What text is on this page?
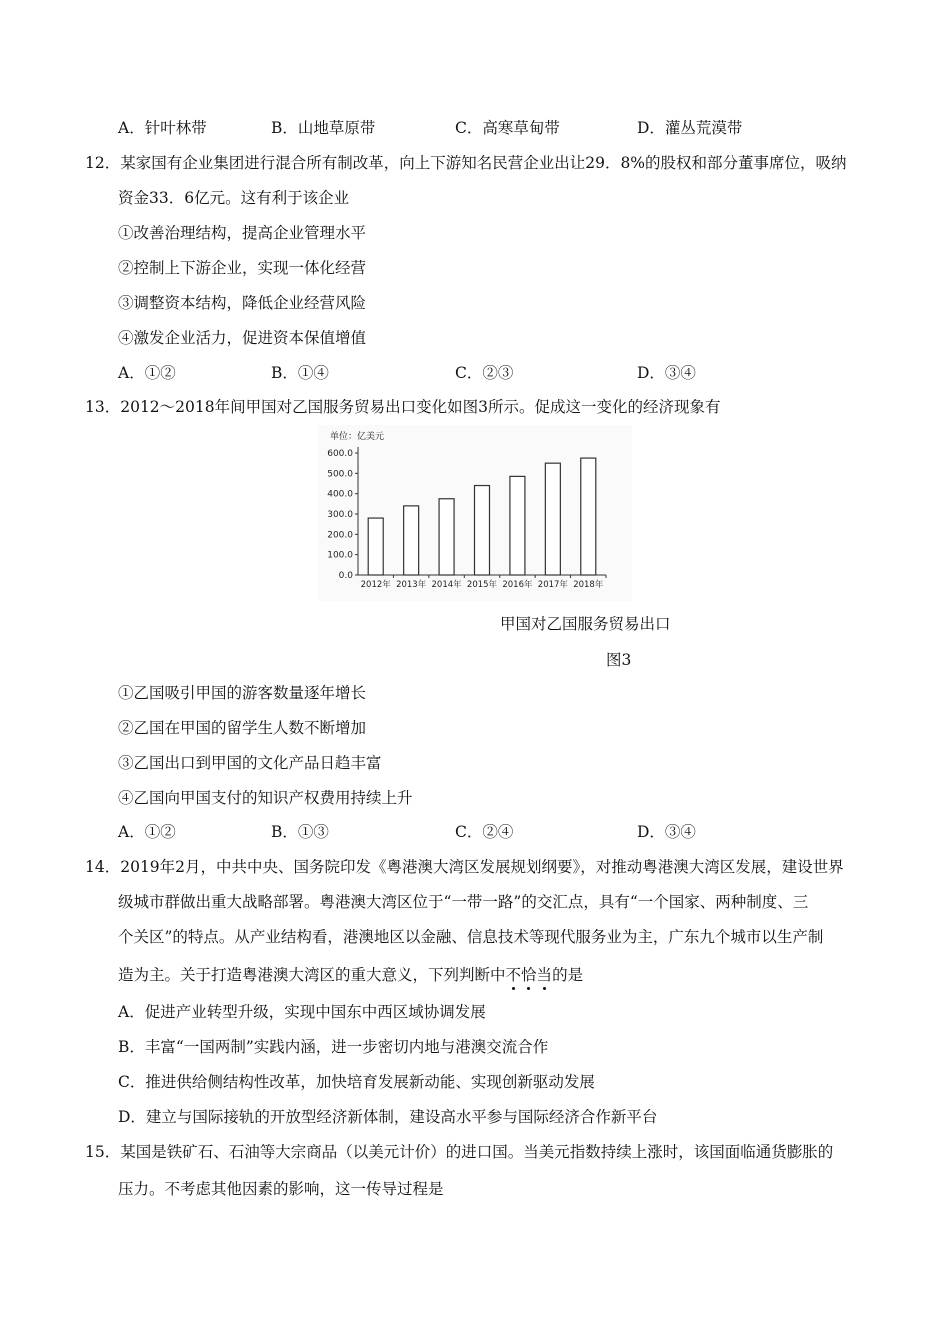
A．针叶林带	B．山地草原带	C．高寒草甸带	D．灌丛荒漠带
12．某家国有企业集团进行混合所有制改革，向上下游知名民营企业出让29．8%的股权和部分董事席位，吸纳
资金33．6亿元。这有利于该企业
①改善治理结构，提高企业管理水平
②控制上下游企业，实现一体化经营
③调整资本结构，降低企业经营风险
④激发企业活力，促进资本保值增值
A．①②	B．①④	C．②③	D．③④
13．2012～2018年间甲国对乙国服务贸易出口变化如图3所示。促成这一变化的经济现象有
单位：亿美元
0.0
100.0
200.0
300.0
400.0
500.0
600.0
2012年 2013年 2014年 2015年 2016年 2017年 2018年
甲国对乙国服务贸易出口
图3
①乙国吸引甲国的游客数量逐年增长
②乙国在甲国的留学生人数不断增加
③乙国出口到甲国的文化产品日趋丰富
④乙国向甲国支付的知识产权费用持续上升
A．①②	B．①③	C．②④	D．③④
14．2019年2月，中共中央、国务院印发《粤港澳大湾区发展规划纲要》，对推动粤港澳大湾区发展，建设世界
级城市群做出重大战略部署。粤港澳大湾区位于“一带一路”的交汇点，具有“一个国家、两种制度、三
个关区”的特点。从产业结构看，港澳地区以金融、信息技术等现代服务业为主，广东九个城市以生产制
造为主。关于打造粤港澳大湾区的重大意义，下列判断中不恰当的是
A．促进产业转型升级，实现中国东中西区域协调发展
B．丰富“一国两制”实践内涵，进一步密切内地与港澳交流合作
C．推进供给侧结构性改革，加快培育发展新动能、实现创新驱动发展
D．建立与国际接轨的开放型经济新体制，建设高水平参与国际经济合作新平台
15．某国是铁矿石、石油等大宗商品（以美元计价）的进口国。当美元指数持续上涨时，该国面临通货膨胀的
压力。不考虑其他因素的影响，这一传导过程是
